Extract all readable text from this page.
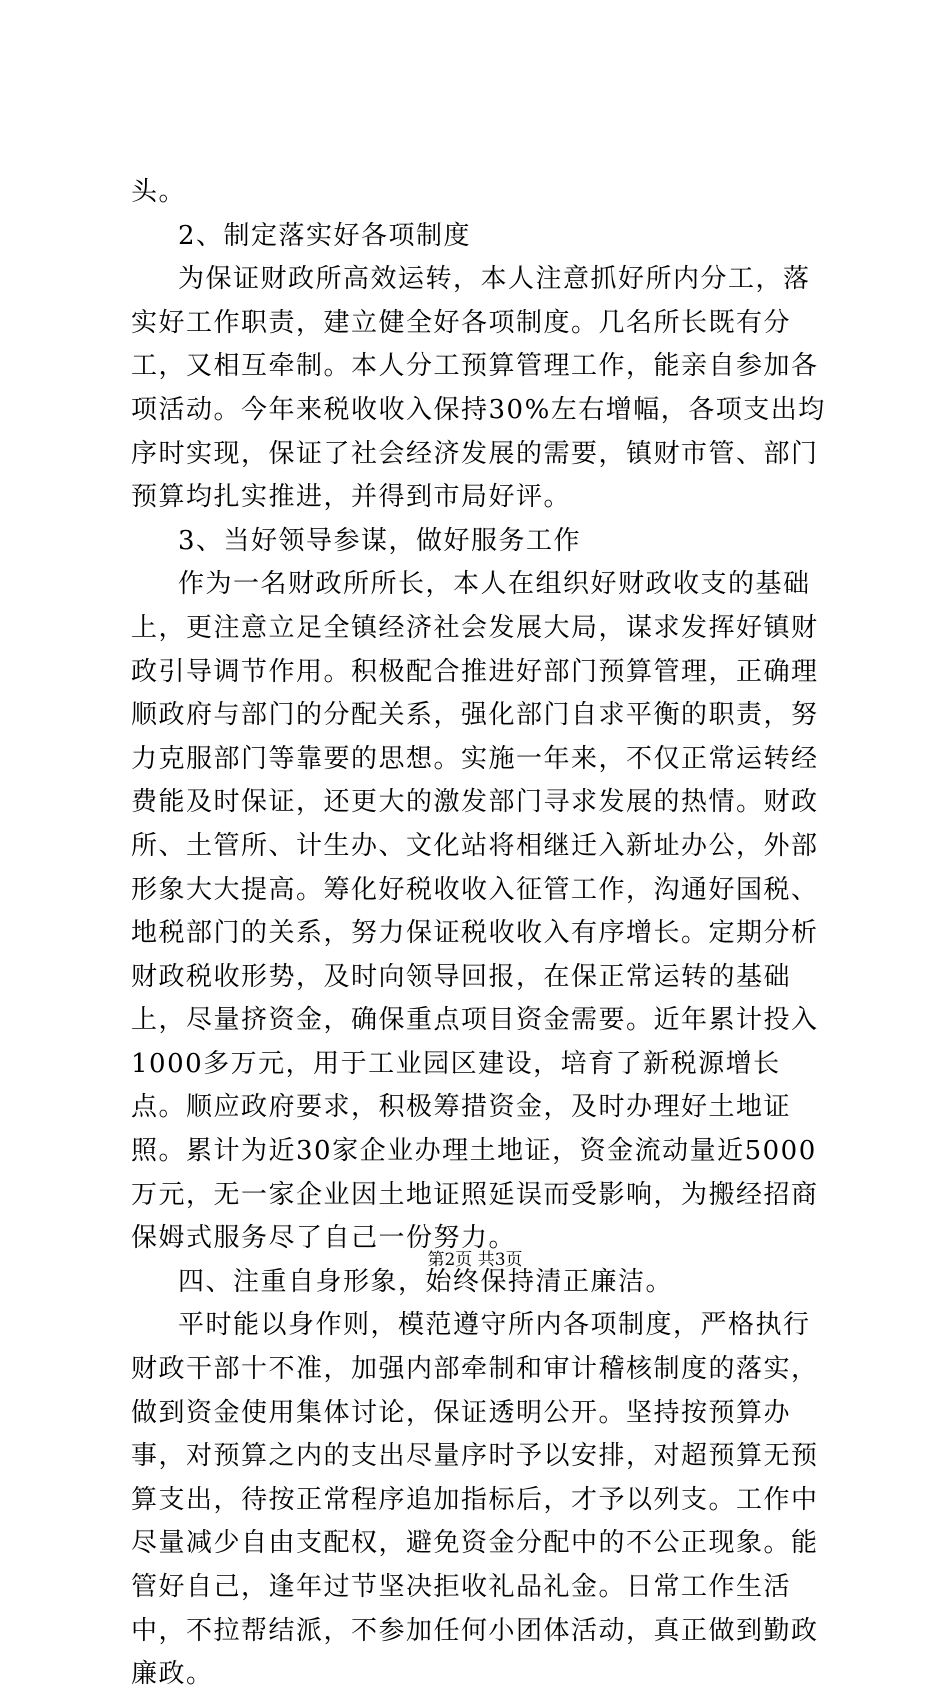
头。

2、制定落实好各项制度

为保证财政所高效运转，本人注意抓好所内分工，落实好工作职责，建立健全好各项制度。几名所长既有分工，又相互牵制。本人分工预算管理工作，能亲自参加各项活动。今年来税收收入保持30%左右增幅，各项支出均序时实现，保证了社会经济发展的需要，镇财市管、部门预算均扎实推进，并得到市局好评。

3、当好领导参谋，做好服务工作

作为一名财政所所长，本人在组织好财政收支的基础上，更注意立足全镇经济社会发展大局，谋求发挥好镇财政引导调节作用。积极配合推进好部门预算管理，正确理顺政府与部门的分配关系，强化部门自求平衡的职责，努力克服部门等靠要的思想。实施一年来，不仅正常运转经费能及时保证，还更大的激发部门寻求发展的热情。财政所、土管所、计生办、文化站将相继迁入新址办公，外部形象大大提高。筹化好税收收入征管工作，沟通好国税、地税部门的关系，努力保证税收收入有序增长。定期分析财政税收形势，及时向领导回报，在保正常运转的基础上，尽量挤资金，确保重点项目资金需要。近年累计投入1000多万元，用于工业园区建设，培育了新税源增长点。顺应政府要求，积极筹措资金，及时办理好土地证照。累计为近30家企业办理土地证，资金流动量近5000万元，无一家企业因土地证照延误而受影响，为搬经招商保姆式服务尽了自己一份努力。

四、注重自身形象，始终保持清正廉洁。

平时能以身作则，模范遵守所内各项制度，严格执行财政干部十不准，加强内部牵制和审计稽核制度的落实，做到资金使用集体讨论，保证透明公开。坚持按预算办事，对预算之内的支出尽量序时予以安排，对超预算无预算支出，待按正常程序追加指标后，才予以列支。工作中尽量减少自由支配权，避免资金分配中的不公正现象。能管好自己，逢年过节坚决拒收礼品礼金。日常工作生活中，不拉帮结派，不参加任何小团体活动，真正做到勤政廉政。

第2页 共3页
